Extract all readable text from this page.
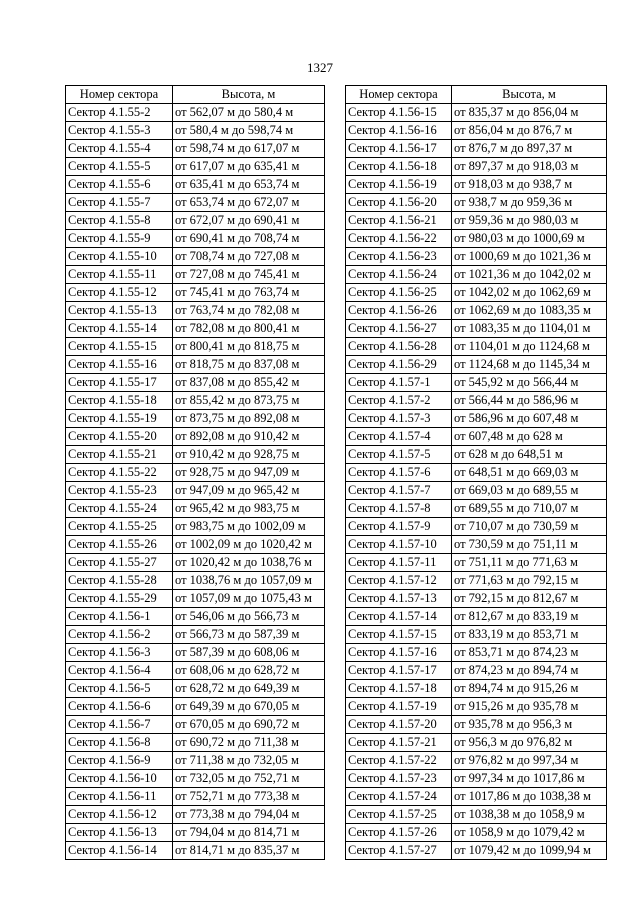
1327
Номер сектора	Высота, м
Сектор 4.1.55-2	от 562,07 м до 580,4 м
Сектор 4.1.55-3	от 580,4 м до 598,74 м
Сектор 4.1.55-4	от 598,74 м до 617,07 м
Сектор 4.1.55-5	от 617,07 м до 635,41 м
Сектор 4.1.55-6	от 635,41 м до 653,74 м
Сектор 4.1.55-7	от 653,74 м до 672,07 м
Сектор 4.1.55-8	от 672,07 м до 690,41 м
Сектор 4.1.55-9	от 690,41 м до 708,74 м
Сектор 4.1.55-10	от 708,74 м до 727,08 м
Сектор 4.1.55-11	от 727,08 м до 745,41 м
Сектор 4.1.55-12	от 745,41 м до 763,74 м
Сектор 4.1.55-13	от 763,74 м до 782,08 м
Сектор 4.1.55-14	от 782,08 м до 800,41 м
Сектор 4.1.55-15	от 800,41 м до 818,75 м
Сектор 4.1.55-16	от 818,75 м до 837,08 м
Сектор 4.1.55-17	от 837,08 м до 855,42 м
Сектор 4.1.55-18	от 855,42 м до 873,75 м
Сектор 4.1.55-19	от 873,75 м до 892,08 м
Сектор 4.1.55-20	от 892,08 м до 910,42 м
Сектор 4.1.55-21	от 910,42 м до 928,75 м
Сектор 4.1.55-22	от 928,75 м до 947,09 м
Сектор 4.1.55-23	от 947,09 м до 965,42 м
Сектор 4.1.55-24	от 965,42 м до 983,75 м
Сектор 4.1.55-25	от 983,75 м до 1002,09 м
Сектор 4.1.55-26	от 1002,09 м до 1020,42 м
Сектор 4.1.55-27	от 1020,42 м до 1038,76 м
Сектор 4.1.55-28	от 1038,76 м до 1057,09 м
Сектор 4.1.55-29	от 1057,09 м до 1075,43 м
Сектор 4.1.56-1	от 546,06 м до 566,73 м
Сектор 4.1.56-2	от 566,73 м до 587,39 м
Сектор 4.1.56-3	от 587,39 м до 608,06 м
Сектор 4.1.56-4	от 608,06 м до 628,72 м
Сектор 4.1.56-5	от 628,72 м до 649,39 м
Сектор 4.1.56-6	от 649,39 м до 670,05 м
Сектор 4.1.56-7	от 670,05 м до 690,72 м
Сектор 4.1.56-8	от 690,72 м до 711,38 м
Сектор 4.1.56-9	от 711,38 м до 732,05 м
Сектор 4.1.56-10	от 732,05 м до 752,71 м
Сектор 4.1.56-11	от 752,71 м до 773,38 м
Сектор 4.1.56-12	от 773,38 м до 794,04 м
Сектор 4.1.56-13	от 794,04 м до 814,71 м
Сектор 4.1.56-14	от 814,71 м до 835,37 м
Номер сектора	Высота, м
Сектор 4.1.56-15	от 835,37 м до 856,04 м
Сектор 4.1.56-16	от 856,04 м до 876,7 м
Сектор 4.1.56-17	от 876,7 м до 897,37 м
Сектор 4.1.56-18	от 897,37 м до 918,03 м
Сектор 4.1.56-19	от 918,03 м до 938,7 м
Сектор 4.1.56-20	от 938,7 м до 959,36 м
Сектор 4.1.56-21	от 959,36 м до 980,03 м
Сектор 4.1.56-22	от 980,03 м до 1000,69 м
Сектор 4.1.56-23	от 1000,69 м до 1021,36 м
Сектор 4.1.56-24	от 1021,36 м до 1042,02 м
Сектор 4.1.56-25	от 1042,02 м до 1062,69 м
Сектор 4.1.56-26	от 1062,69 м до 1083,35 м
Сектор 4.1.56-27	от 1083,35 м до 1104,01 м
Сектор 4.1.56-28	от 1104,01 м до 1124,68 м
Сектор 4.1.56-29	от 1124,68 м до 1145,34 м
Сектор 4.1.57-1	от 545,92 м до 566,44 м
Сектор 4.1.57-2	от 566,44 м до 586,96 м
Сектор 4.1.57-3	от 586,96 м до 607,48 м
Сектор 4.1.57-4	от 607,48 м до 628 м
Сектор 4.1.57-5	от 628 м до 648,51 м
Сектор 4.1.57-6	от 648,51 м до 669,03 м
Сектор 4.1.57-7	от 669,03 м до 689,55 м
Сектор 4.1.57-8	от 689,55 м до 710,07 м
Сектор 4.1.57-9	от 710,07 м до 730,59 м
Сектор 4.1.57-10	от 730,59 м до 751,11 м
Сектор 4.1.57-11	от 751,11 м до 771,63 м
Сектор 4.1.57-12	от 771,63 м до 792,15 м
Сектор 4.1.57-13	от 792,15 м до 812,67 м
Сектор 4.1.57-14	от 812,67 м до 833,19 м
Сектор 4.1.57-15	от 833,19 м до 853,71 м
Сектор 4.1.57-16	от 853,71 м до 874,23 м
Сектор 4.1.57-17	от 874,23 м до 894,74 м
Сектор 4.1.57-18	от 894,74 м до 915,26 м
Сектор 4.1.57-19	от 915,26 м до 935,78 м
Сектор 4.1.57-20	от 935,78 м до 956,3 м
Сектор 4.1.57-21	от 956,3 м до 976,82 м
Сектор 4.1.57-22	от 976,82 м до 997,34 м
Сектор 4.1.57-23	от 997,34 м до 1017,86 м
Сектор 4.1.57-24	от 1017,86 м до 1038,38 м
Сектор 4.1.57-25	от 1038,38 м до 1058,9 м
Сектор 4.1.57-26	от 1058,9 м до 1079,42 м
Сектор 4.1.57-27	от 1079,42 м до 1099,94 м
